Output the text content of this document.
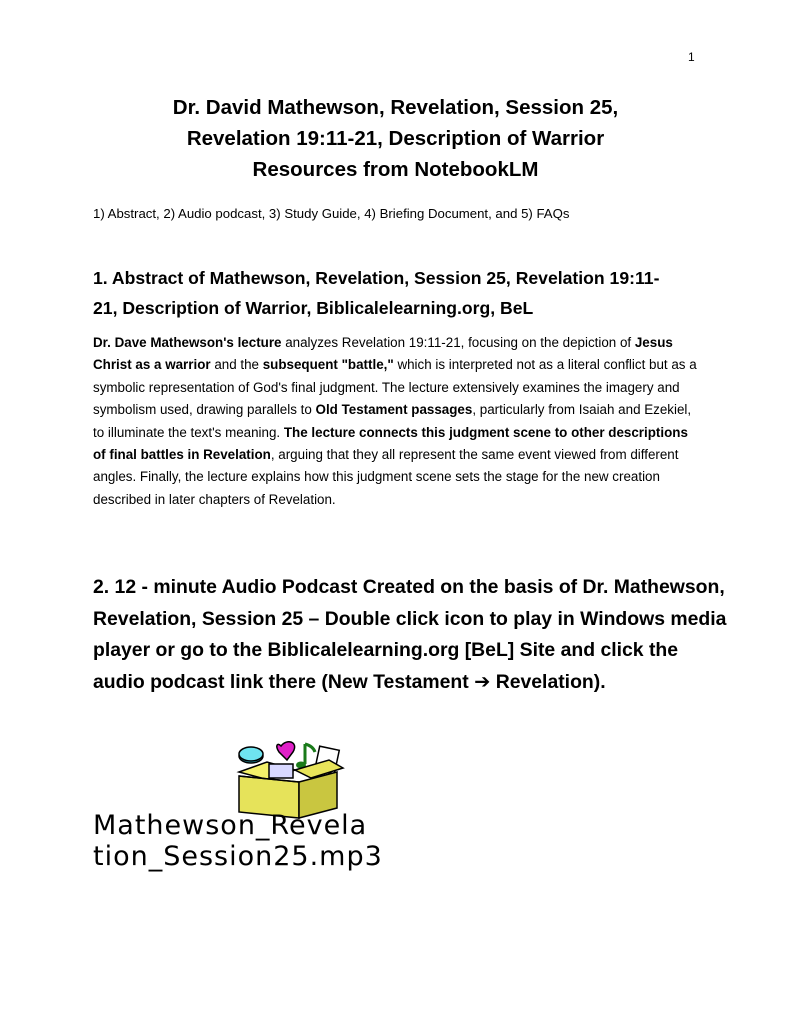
1
Dr. David Mathewson, Revelation, Session 25,
Revelation 19:11-21, Description of Warrior
Resources from NotebookLM

1) Abstract, 2) Audio podcast, 3) Study Guide, 4) Briefing Document, and 5) FAQs

1. Abstract of Mathewson, Revelation, Session 25, Revelation 19:11-
21, Description of Warrior, Biblicalelearning.org, BeL

Dr. Dave Mathewson's lecture analyzes Revelation 19:11-21, focusing on the depiction of Jesus Christ as a warrior and the subsequent "battle," which is interpreted not as a literal conflict but as a symbolic representation of God's final judgment. The lecture extensively examines the imagery and symbolism used, drawing parallels to Old Testament passages, particularly from Isaiah and Ezekiel, to illuminate the text's meaning. The lecture connects this judgment scene to other descriptions of final battles in Revelation, arguing that they all represent the same event viewed from different angles. Finally, the lecture explains how this judgment scene sets the stage for the new creation described in later chapters of Revelation.

2. 12 - minute Audio Podcast Created on the basis of Dr. Mathewson, Revelation, Session 25 – Double click icon to play in Windows media player or go to the Biblicalelearning.org [BeL] Site and click the audio podcast link there (New Testament ➔ Revelation).
Mathewson_Revela
tion_Session25.mp3
